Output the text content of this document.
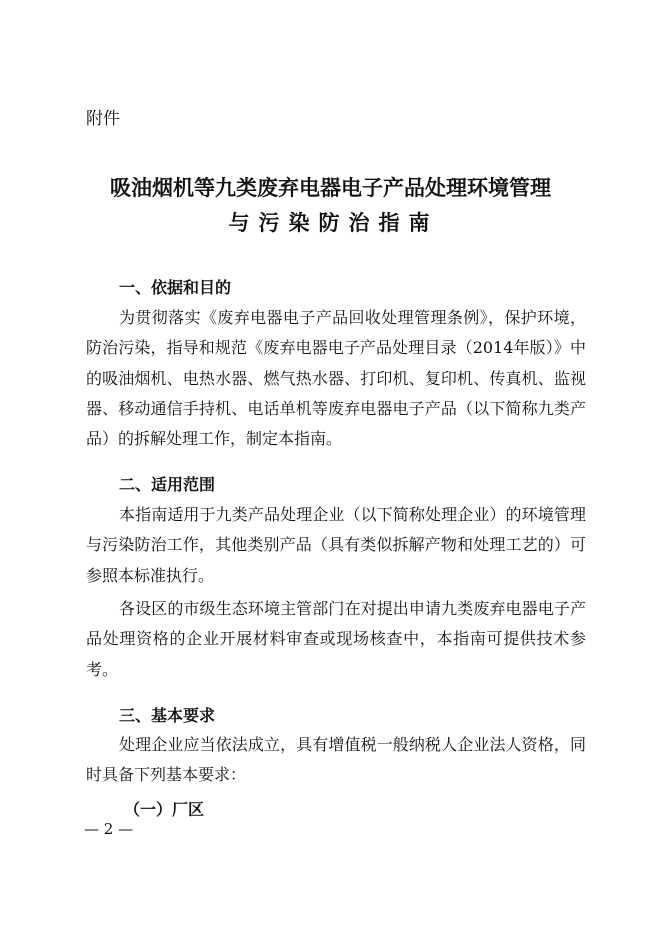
附件
吸油烟机等九类废弃电器电子产品处理环境管理
与污染防治指南
一、依据和目的
为贯彻落实《废弃电器电子产品回收处理管理条例》，保护环境，防治污染，指导和规范《废弃电器电子产品处理目录（2014年版）》中的吸油烟机、电热水器、燃气热水器、打印机、复印机、传真机、监视器、移动通信手持机、电话单机等废弃电器电子产品（以下简称九类产品）的拆解处理工作，制定本指南。
二、适用范围
本指南适用于九类产品处理企业（以下简称处理企业）的环境管理与污染防治工作，其他类别产品（具有类似拆解产物和处理工艺的）可参照本标准执行。
各设区的市级生态环境主管部门在对提出申请九类废弃电器电子产品处理资格的企业开展材料审查或现场核查中，本指南可提供技术参考。
三、基本要求
处理企业应当依法成立，具有增值税一般纳税人企业法人资格，同时具备下列基本要求：
（一）厂区
— 2 —
